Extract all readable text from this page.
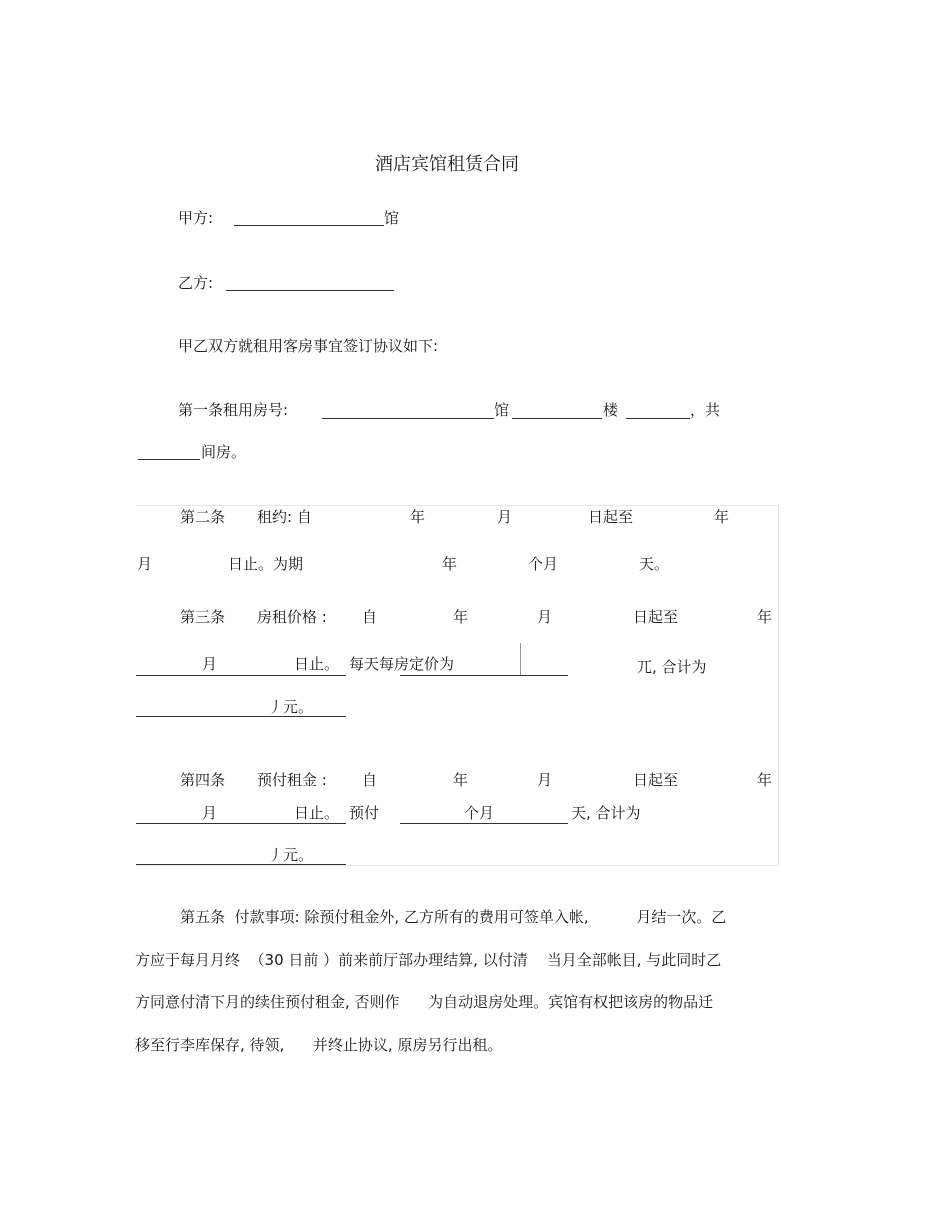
酒店宾馆租赁合同
甲方:	馆
乙方:
甲乙双方就租用客房事宜签订协议如下:
第一条租用房号:	馆	楼	，共
间房。
第二条 租约: 自	年	月	日起至	年
月	日止。为期	年	个月	天。
第三条 房租价格 : 自	年	月	日起至	年
月	日止。 每天每房定价为	兀, 合计为
丿元。
第四条 预付租金 : 自	年	月	日起至	年
月	日止。 预付	个月	天, 合计为
丿元。
第五条  付款事项: 除预付租金外, 乙方所有的费用可签单入帐,          月结一次。乙
方应于每月月终  （30 日前 ）前来前厅部办理结算, 以付清    当月全部帐目, 与此同时乙
方同意付清下月的续住预付租金, 否则作      为自动退房处理。宾馆有权把该房的物品迁
移至行李库保存, 待领,      并终止协议, 原房另行出租。
